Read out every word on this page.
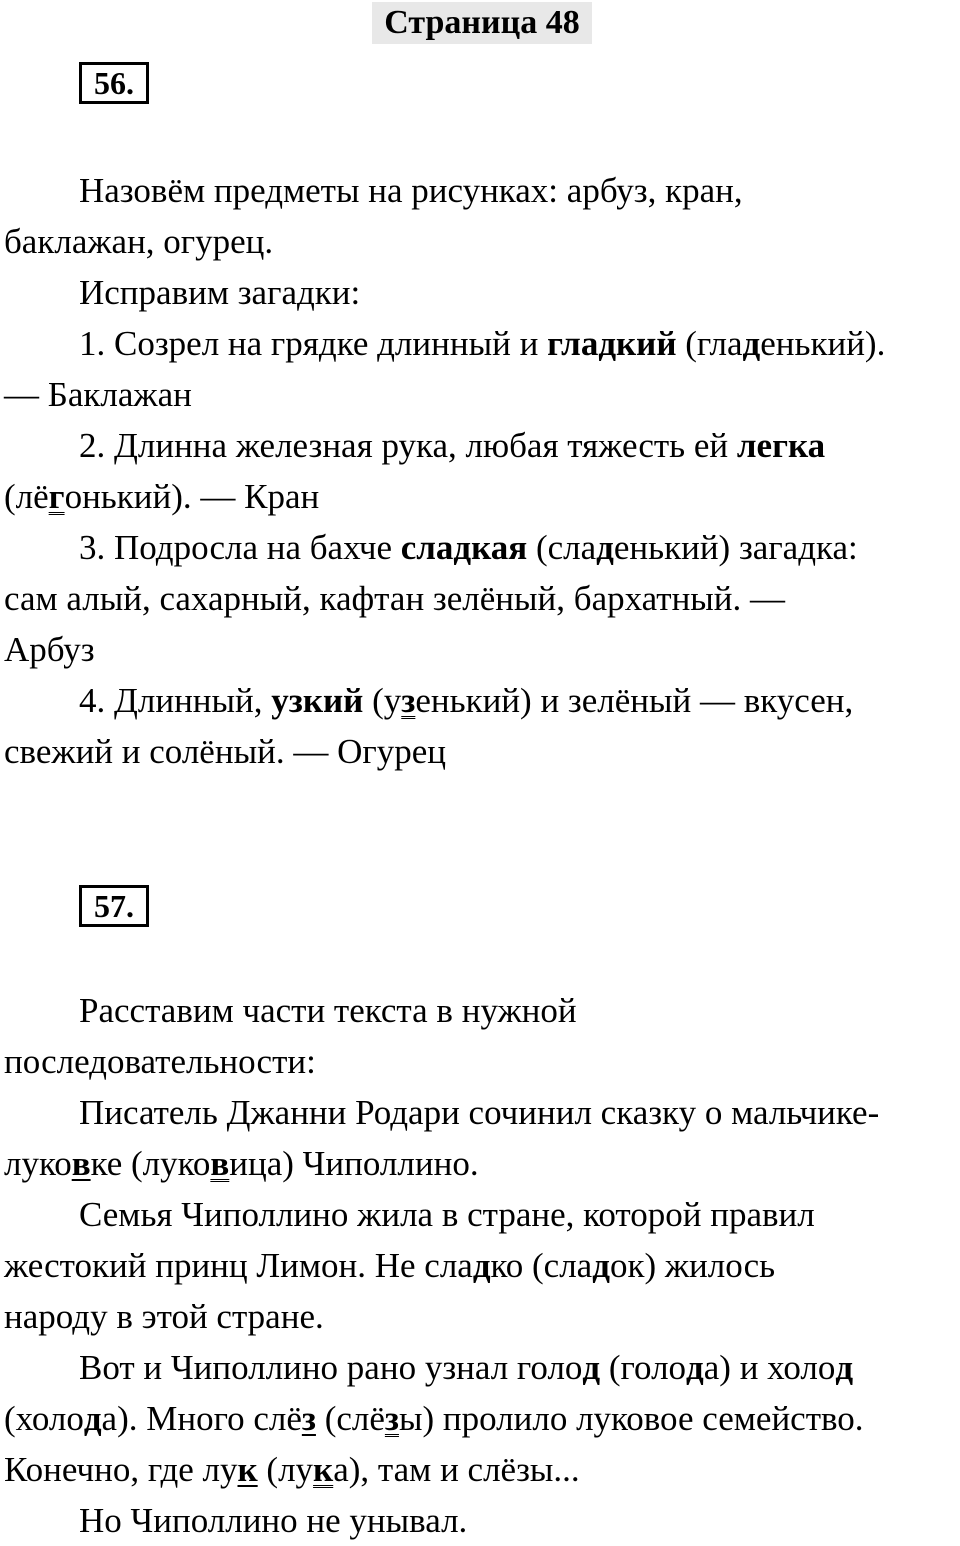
Страница 48
56.

Назовём предметы на рисунках: арбуз, кран,

баклажан, огурец.

Исправим загадки:

1. Созрел на грядке длинный и гладкий (гладенький).

— Баклажан

2. Длинна железная рука, любая тяжесть ей легка

(лёгонький). — Кран

3. Подросла на бахче сладкая (сладенький) загадка:

сам алый, сахарный, кафтан зелёный, бархатный. —

Арбуз

4. Длинный, узкий (узенький) и зелёный — вкусен,

свежий и солёный. — Огурец

57.

Расставим части текста в нужной

последовательности:

Писатель Джанни Родари сочинил сказку о мальчике-

луковке (луковица) Чиполлино.

Семья Чиполлино жила в стране, которой правил

жестокий принц Лимон. Не сладко (сладок) жилось

народу в этой стране.

Вот и Чиполлино рано узнал голод (голода) и холод

(холода). Много слёз (слёзы) пролило луковое семейство.

Конечно, где лук (лука), там и слёзы...

Но Чиполлино не унывал.
